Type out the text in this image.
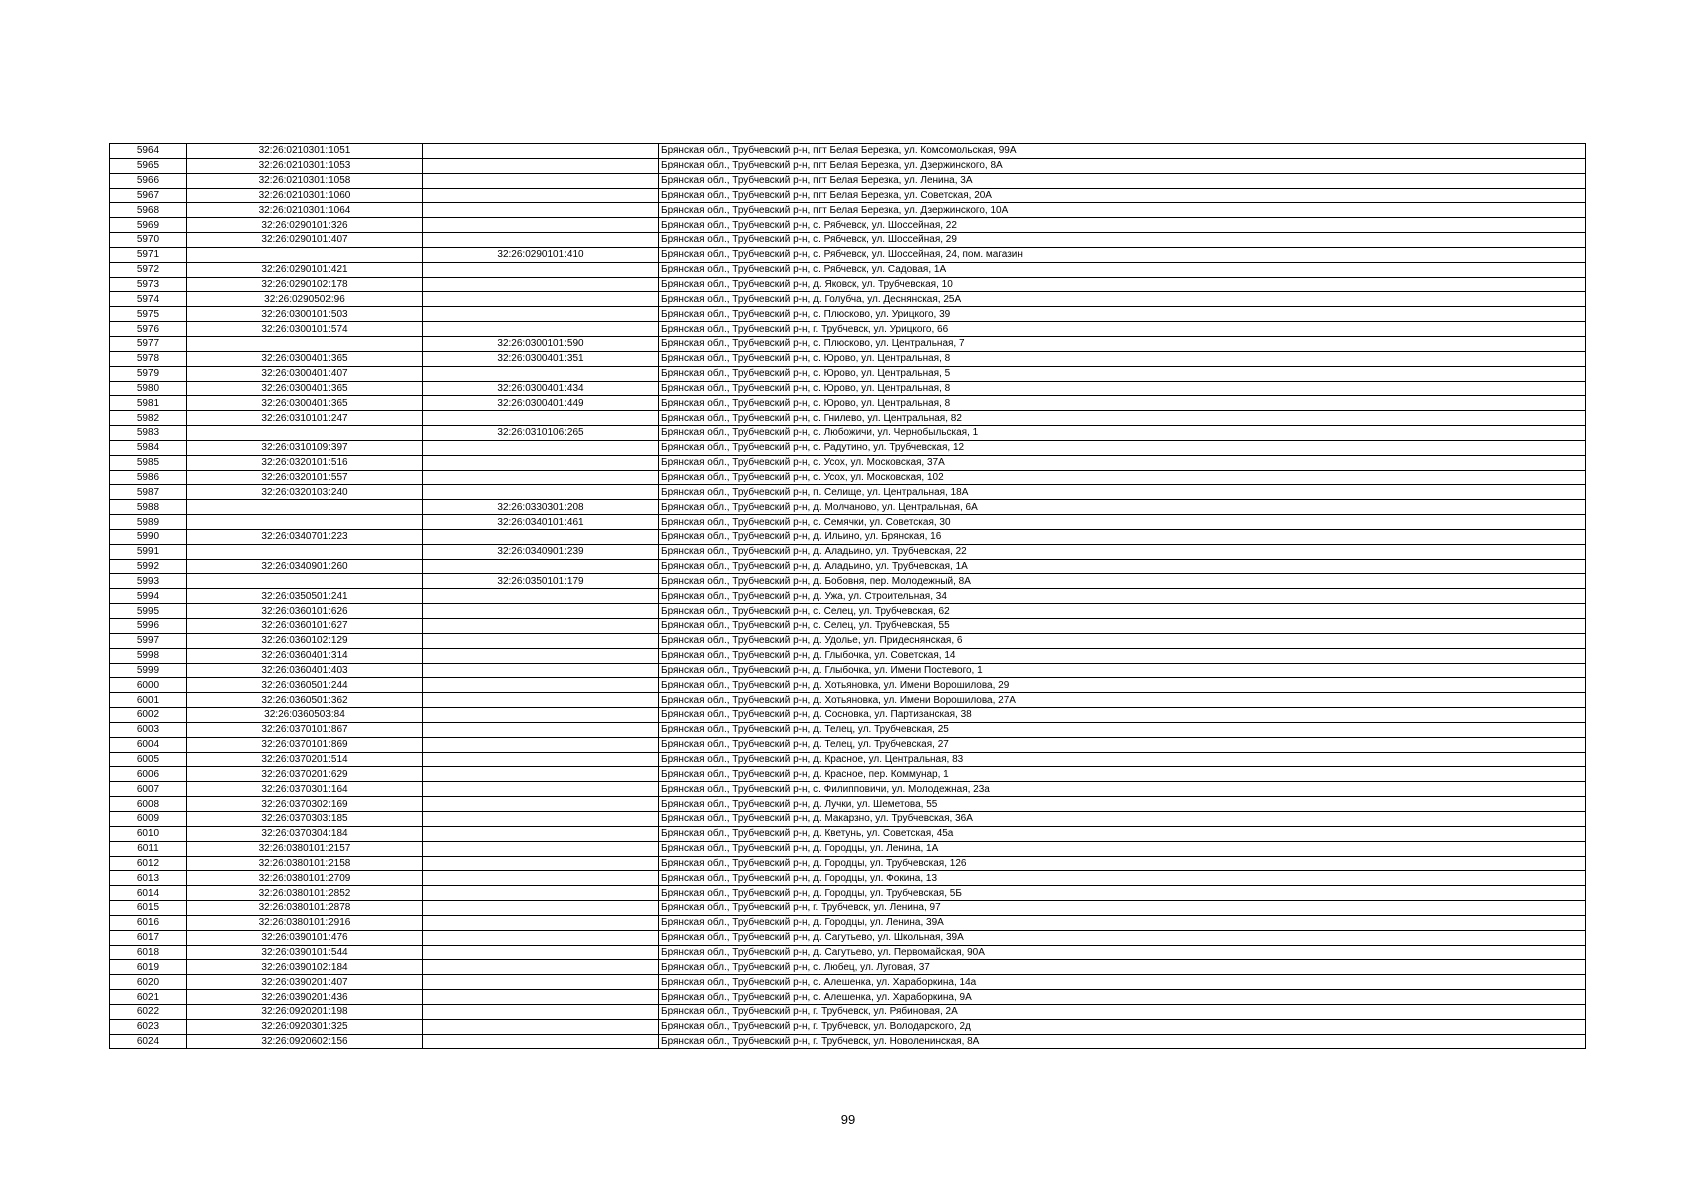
5964	32:26:0210301:1051		Брянская обл., Трубчевский р-н, пгт Белая Березка, ул. Комсомольская, 99А
5965	32:26:0210301:1053		Брянская обл., Трубчевский р-н, пгт Белая Березка, ул. Дзержинского, 8А
5966	32:26:0210301:1058		Брянская обл., Трубчевский р-н, пгт Белая Березка, ул. Ленина, 3А
5967	32:26:0210301:1060		Брянская обл., Трубчевский р-н, пгт Белая Березка, ул. Советская, 20А
5968	32:26:0210301:1064		Брянская обл., Трубчевский р-н, пгт Белая Березка, ул. Дзержинского, 10А
5969	32:26:0290101:326		Брянская обл., Трубчевский р-н, с. Рябчевск, ул. Шоссейная, 22
5970	32:26:0290101:407		Брянская обл., Трубчевский р-н, с. Рябчевск, ул. Шоссейная, 29
5971		32:26:0290101:410	Брянская обл., Трубчевский р-н, с. Рябчевск, ул. Шоссейная, 24, пом. магазин
5972	32:26:0290101:421		Брянская обл., Трубчевский р-н, с. Рябчевск, ул. Садовая, 1А
5973	32:26:0290102:178		Брянская обл., Трубчевский р-н, д. Яковск, ул. Трубчевская, 10
5974	32:26:0290502:96		Брянская обл., Трубчевский р-н, д. Голубча, ул. Деснянская, 25А
5975	32:26:0300101:503		Брянская обл., Трубчевский р-н, с. Плюсково, ул. Урицкого, 39
5976	32:26:0300101:574		Брянская обл., Трубчевский р-н, г. Трубчевск, ул. Урицкого, 66
5977		32:26:0300101:590	Брянская обл., Трубчевский р-н, с. Плюсково, ул. Центральная, 7
5978	32:26:0300401:365	32:26:0300401:351	Брянская обл., Трубчевский р-н, с. Юрово, ул. Центральная, 8
5979	32:26:0300401:407		Брянская обл., Трубчевский р-н, с. Юрово, ул. Центральная, 5
5980	32:26:0300401:365	32:26:0300401:434	Брянская обл., Трубчевский р-н, с. Юрово, ул. Центральная, 8
5981	32:26:0300401:365	32:26:0300401:449	Брянская обл., Трубчевский р-н, с. Юрово, ул. Центральная, 8
5982	32:26:0310101:247		Брянская обл., Трубчевский р-н, с. Гнилево, ул. Центральная, 82
5983		32:26:0310106:265	Брянская обл., Трубчевский р-н, с. Любожичи, ул. Чернобыльская, 1
5984	32:26:0310109:397		Брянская обл., Трубчевский р-н, с. Радутино, ул. Трубчевская, 12
5985	32:26:0320101:516		Брянская обл., Трубчевский р-н, с. Усох, ул. Московская, 37А
5986	32:26:0320101:557		Брянская обл., Трубчевский р-н, с. Усох, ул. Московская, 102
5987	32:26:0320103:240		Брянская обл., Трубчевский р-н, п. Селище, ул. Центральная, 18А
5988		32:26:0330301:208	Брянская обл., Трубчевский р-н, д. Молчаново, ул. Центральная, 6А
5989		32:26:0340101:461	Брянская обл., Трубчевский р-н, с. Семячки, ул. Советская, 30
5990	32:26:0340701:223		Брянская обл., Трубчевский р-н, д. Ильино, ул. Брянская, 16
5991		32:26:0340901:239	Брянская обл., Трубчевский р-н, д. Аладьино, ул. Трубчевская, 22
5992	32:26:0340901:260		Брянская обл., Трубчевский р-н, д. Аладьино, ул. Трубчевская, 1А
5993		32:26:0350101:179	Брянская обл., Трубчевский р-н, д. Бобовня, пер. Молодежный, 8А
5994	32:26:0350501:241		Брянская обл., Трубчевский р-н, д. Ужа, ул. Строительная, 34
5995	32:26:0360101:626		Брянская обл., Трубчевский р-н, с. Селец, ул. Трубчевская, 62
5996	32:26:0360101:627		Брянская обл., Трубчевский р-н, с. Селец, ул. Трубчевская, 55
5997	32:26:0360102:129		Брянская обл., Трубчевский р-н, д. Удолье, ул. Придеснянская, 6
5998	32:26:0360401:314		Брянская обл., Трубчевский р-н, д. Глыбочка, ул. Советская, 14
5999	32:26:0360401:403		Брянская обл., Трубчевский р-н, д. Глыбочка, ул. Имени Постевого, 1
6000	32:26:0360501:244		Брянская обл., Трубчевский р-н, д. Хотьяновка, ул. Имени Ворошилова, 29
6001	32:26:0360501:362		Брянская обл., Трубчевский р-н, д. Хотьяновка, ул. Имени Ворошилова, 27А
6002	32:26:0360503:84		Брянская обл., Трубчевский р-н, д. Сосновка, ул. Партизанская, 38
6003	32:26:0370101:867		Брянская обл., Трубчевский р-н, д. Телец, ул. Трубчевская, 25
6004	32:26:0370101:869		Брянская обл., Трубчевский р-н, д. Телец, ул. Трубчевская, 27
6005	32:26:0370201:514		Брянская обл., Трубчевский р-н, д. Красное, ул. Центральная, 83
6006	32:26:0370201:629		Брянская обл., Трубчевский р-н, д. Красное, пер. Коммунар, 1
6007	32:26:0370301:164		Брянская обл., Трубчевский р-н, с. Филипповичи, ул. Молодежная, 23а
6008	32:26:0370302:169		Брянская обл., Трубчевский р-н, д. Лучки, ул. Шеметова, 55
6009	32:26:0370303:185		Брянская обл., Трубчевский р-н, д. Макарзно, ул. Трубчевская, 36А
6010	32:26:0370304:184		Брянская обл., Трубчевский р-н, д. Кветунь, ул. Советская, 45а
6011	32:26:0380101:2157		Брянская обл., Трубчевский р-н, д. Городцы, ул. Ленина, 1А
6012	32:26:0380101:2158		Брянская обл., Трубчевский р-н, д. Городцы, ул. Трубчевская, 126
6013	32:26:0380101:2709		Брянская обл., Трубчевский р-н, д. Городцы, ул. Фокина, 13
6014	32:26:0380101:2852		Брянская обл., Трубчевский р-н, д. Городцы, ул. Трубчевская, 5Б
6015	32:26:0380101:2878		Брянская обл., Трубчевский р-н, г. Трубчевск, ул. Ленина, 97
6016	32:26:0380101:2916		Брянская обл., Трубчевский р-н, д. Городцы, ул. Ленина, 39А
6017	32:26:0390101:476		Брянская обл., Трубчевский р-н, д. Сагутьево, ул. Школьная, 39А
6018	32:26:0390101:544		Брянская обл., Трубчевский р-н, д. Сагутьево, ул. Первомайская, 90А
6019	32:26:0390102:184		Брянская обл., Трубчевский р-н, с. Любец, ул. Луговая, 37
6020	32:26:0390201:407		Брянская обл., Трубчевский р-н, с. Алешенка, ул. Хараборкина, 14а
6021	32:26:0390201:436		Брянская обл., Трубчевский р-н, с. Алешенка, ул. Хараборкина, 9А
6022	32:26:0920201:198		Брянская обл., Трубчевский р-н, г. Трубчевск, ул. Рябиновая, 2А
6023	32:26:0920301:325		Брянская обл., Трубчевский р-н, г. Трубчевск, ул. Володарского, 2д
6024	32:26:0920602:156		Брянская обл., Трубчевский р-н, г. Трубчевск, ул. Новоленинская, 8А
99
